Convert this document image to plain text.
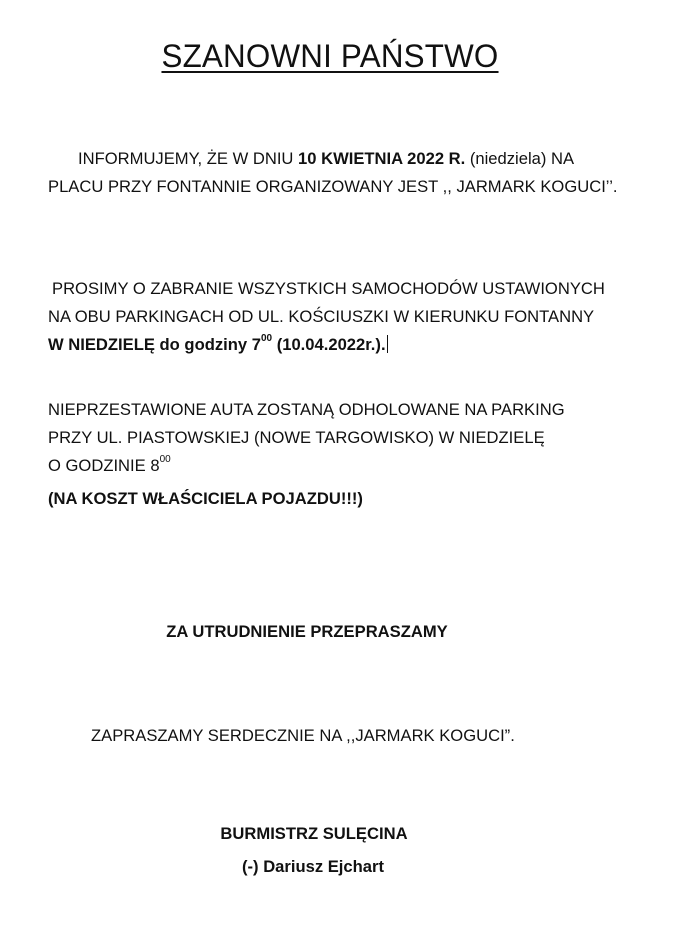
SZANOWNI PAŃSTWO
INFORMUJEMY, ŻE W DNIU 10 KWIETNIA 2022 R. (niedziela) NA
PLACU PRZY FONTANNIE ORGANIZOWANY JEST ,, JARMARK KOGUCI’’.
PROSIMY O ZABRANIE WSZYSTKICH SAMOCHODÓW USTAWIONYCH
NA OBU PARKINGACH OD UL. KOŚCIUSZKI W KIERUNKU FONTANNY
W NIEDZIELĘ do godziny $7^{00}$ (10.04.2022r.).
NIEPRZESTAWIONE AUTA ZOSTANĄ ODHOLOWANE NA PARKING
PRZY UL. PIASTOWSKIEJ (NOWE TARGOWISKO) W NIEDZIELĘ
O GODZINIE $8^{00}$
(NA KOSZT WŁAŚCICIELA POJAZDU!!!)
ZA UTRUDNIENIE PRZEPRASZAMY
ZAPRASZAMY SERDECZNIE NA ,,JARMARK KOGUCI”.
BURMISTRZ SULĘCINA
(-) Dariusz Ejchart
